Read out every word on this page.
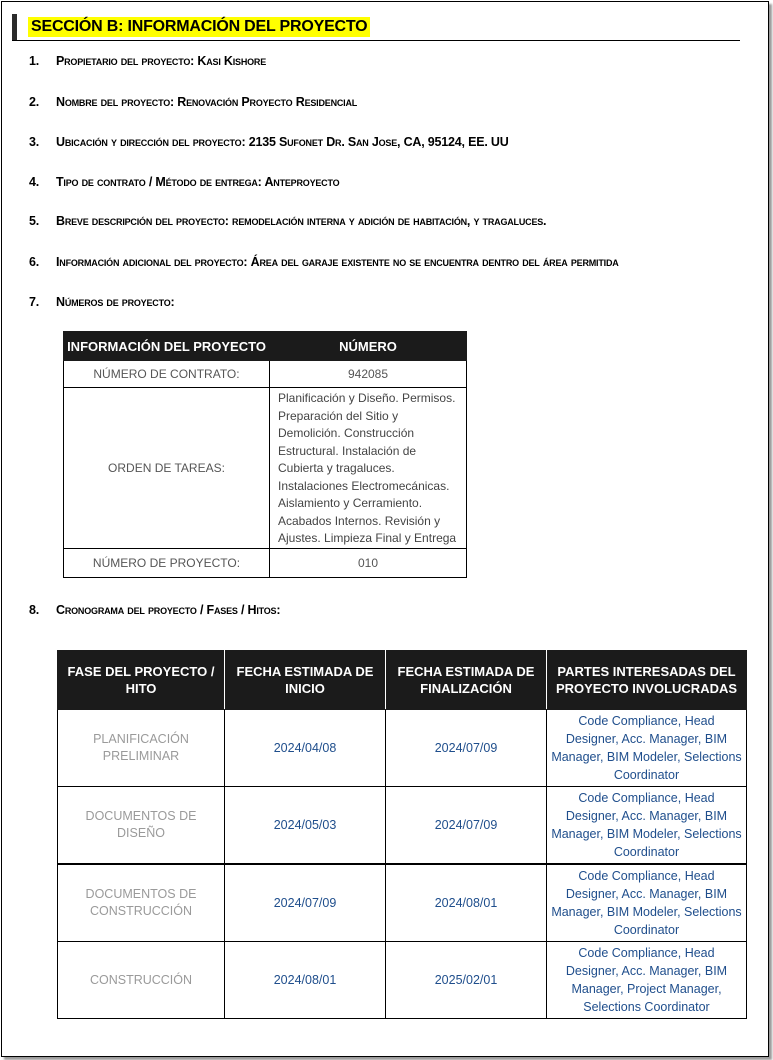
SECCIÓN B: INFORMACIÓN DEL PROYECTO
1. Propietario del proyecto: Kasi Kishore
2. Nombre del proyecto: Renovación Proyecto Residencial
3. Ubicación y dirección del proyecto: 2135 Sufonet Dr. San Jose, CA, 95124, EE. UU
4. Tipo de contrato / Método de entrega: Anteproyecto
5. Breve descripción del proyecto: remodelación interna y adición de habitación, y tragaluces.
6. Información adicional del proyecto: Área del garaje existente no se encuentra dentro del área permitida
7. Números de proyecto:
INFORMACIÓN DEL PROYECTO	NÚMERO
NÚMERO DE CONTRATO:	942085
ORDEN DE TAREAS:	Planificación y Diseño. Permisos. Preparación del Sitio y Demolición. Construcción Estructural. Instalación de Cubierta y tragaluces. Instalaciones Electromecánicas. Aislamiento y Cerramiento. Acabados Internos. Revisión y Ajustes. Limpieza Final y Entrega
NÚMERO DE PROYECTO:	010
8. Cronograma del proyecto / Fases / Hitos:
FASE DEL PROYECTO / HITO	FECHA ESTIMADA DE INICIO	FECHA ESTIMADA DE FINALIZACIÓN	PARTES INTERESADAS DEL PROYECTO INVOLUCRADAS
PLANIFICACIÓN PRELIMINAR	2024/04/08	2024/07/09	Code Compliance, Head Designer, Acc. Manager, BIM Manager, BIM Modeler, Selections Coordinator
DOCUMENTOS DE DISEÑO	2024/05/03	2024/07/09	Code Compliance, Head Designer, Acc. Manager, BIM Manager, BIM Modeler, Selections Coordinator
DOCUMENTOS DE CONSTRUCCIÓN	2024/07/09	2024/08/01	Code Compliance, Head Designer, Acc. Manager, BIM Manager, BIM Modeler, Selections Coordinator
CONSTRUCCIÓN	2024/08/01	2025/02/01	Code Compliance, Head Designer, Acc. Manager, BIM Manager, Project Manager, Selections Coordinator
